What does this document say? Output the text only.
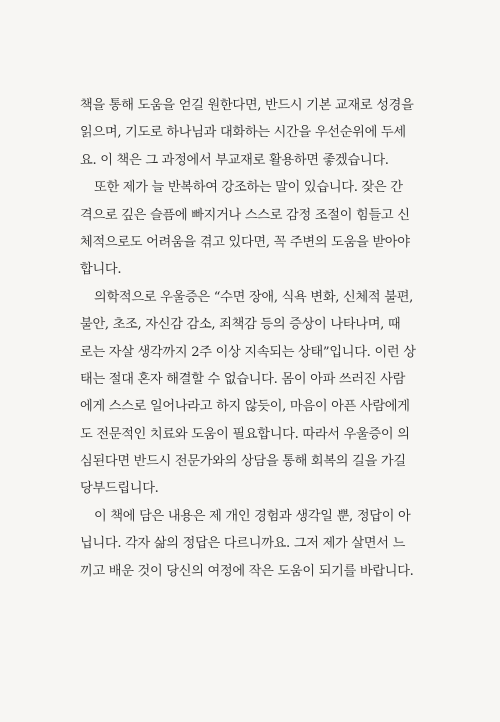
책을 통해 도움을 얻길 원한다면, 반드시 기본 교재로 성경을
읽으며, 기도로 하나님과 대화하는 시간을 우선순위에 두세
요. 이 책은 그 과정에서 부교재로 활용하면 좋겠습니다.
또한 제가 늘 반복하여 강조하는 말이 있습니다. 잦은 간
격으로 깊은 슬픔에 빠지거나 스스로 감정 조절이 힘들고 신
체적으로도 어려움을 겪고 있다면, 꼭 주변의 도움을 받아야
합니다.
의학적으로 우울증은 “수면 장애, 식욕 변화, 신체적 불편,
불안, 초조, 자신감 감소, 죄책감 등의 증상이 나타나며, 때
로는 자살 생각까지 2주 이상 지속되는 상태”입니다. 이런 상
태는 절대 혼자 해결할 수 없습니다. 몸이 아파 쓰러진 사람
에게 스스로 일어나라고 하지 않듯이, 마음이 아픈 사람에게
도 전문적인 치료와 도움이 필요합니다. 따라서 우울증이 의
심된다면 반드시 전문가와의 상담을 통해 회복의 길을 가길
당부드립니다.
이 책에 담은 내용은 제 개인 경험과 생각일 뿐, 정답이 아
닙니다. 각자 삶의 정답은 다르니까요. 그저 제가 살면서 느
끼고 배운 것이 당신의 여정에 작은 도움이 되기를 바랍니다.
